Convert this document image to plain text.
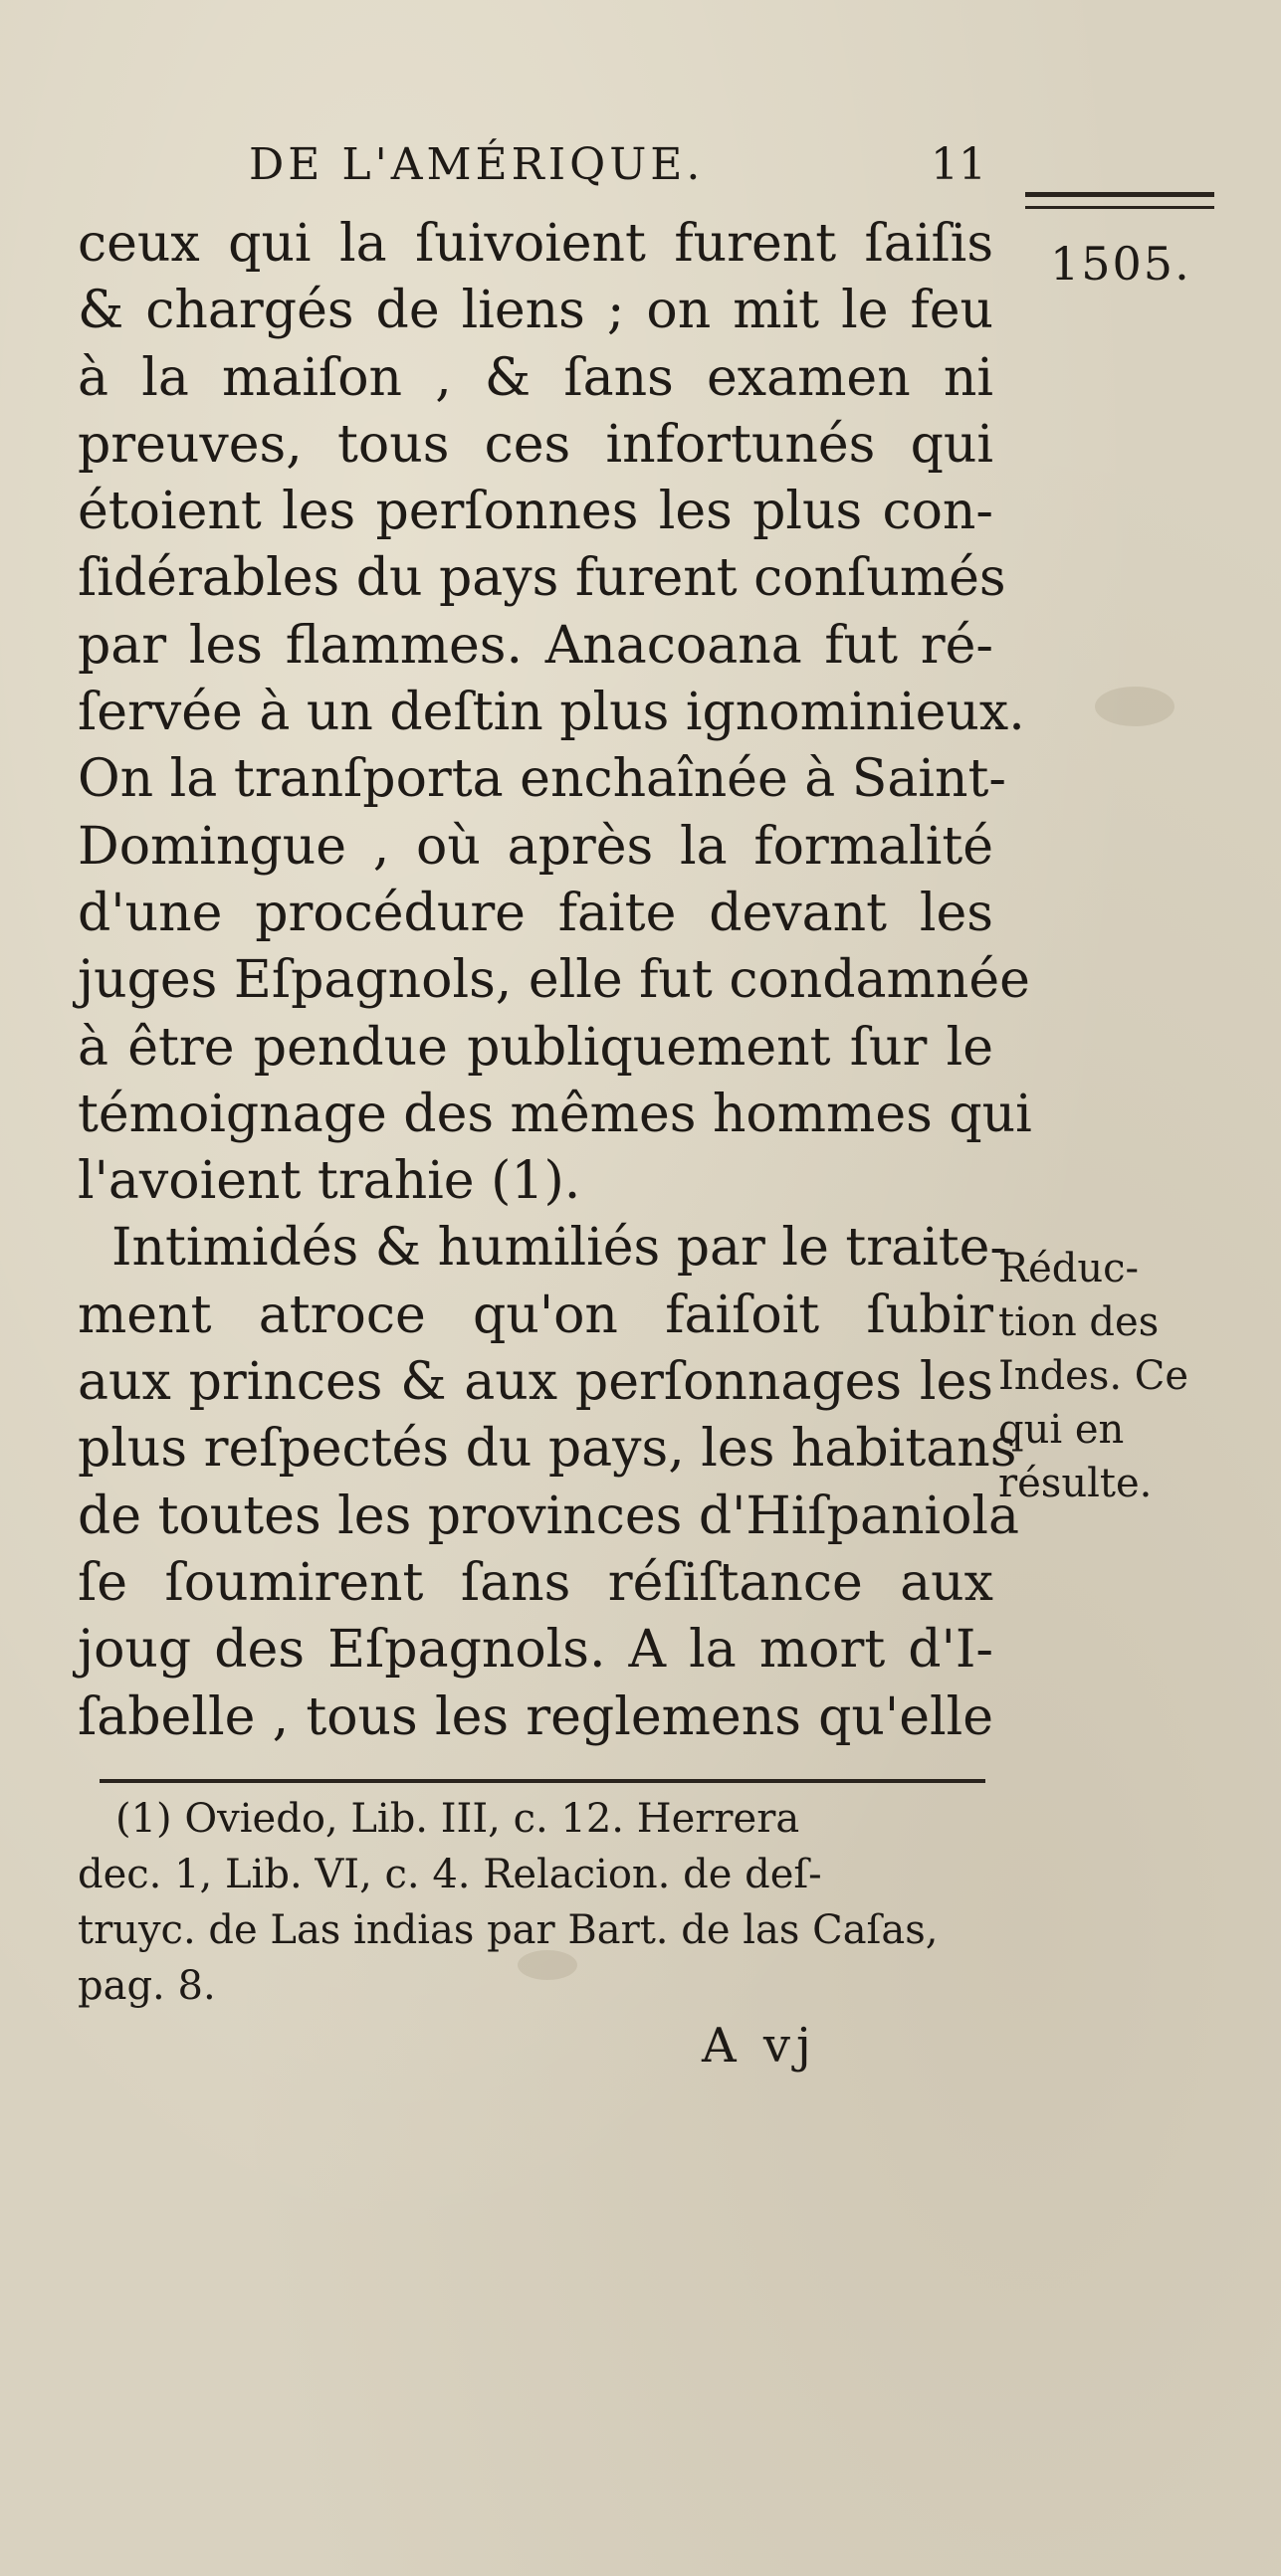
DE L'AMÉRIQUE.	11
1505.
ceux qui la ſuivoient furent ſaiſis
& chargés de liens ; on mit le feu
à la maiſon , & ſans examen ni
preuves, tous ces infortunés qui
étoient les perſonnes les plus con-
ſidérables du pays furent conſumés
par les flammes. Anacoana fut ré-
ſervée à un deſtin plus ignominieux.
On la tranſporta enchaînée à Saint-
Domingue , où après la formalité
d'une procédure faite devant les
juges Eſpagnols, elle fut condamnée
à être pendue publiquement ſur le
témoignage des mêmes hommes qui
l'avoient trahie (1).
Intimidés & humiliés par le traite-
ment atroce qu'on faiſoit ſubir
aux princes & aux perſonnages les
plus reſpectés du pays, les habitans
de toutes les provinces d'Hiſpaniola
ſe ſoumirent ſans réſiſtance aux
joug des Eſpagnols. A la mort d'I-
ſabelle , tous les reglemens qu'elle
Réduc-
tion des
Indes. Ce
qui en
résulte.
(1) Oviedo, Lib. III, c. 12. Herrera
dec. 1, Lib. VI, c. 4. Relacion. de deſ-
truyc. de Las indias par Bart. de las Caſas,
pag. 8.
A vj
